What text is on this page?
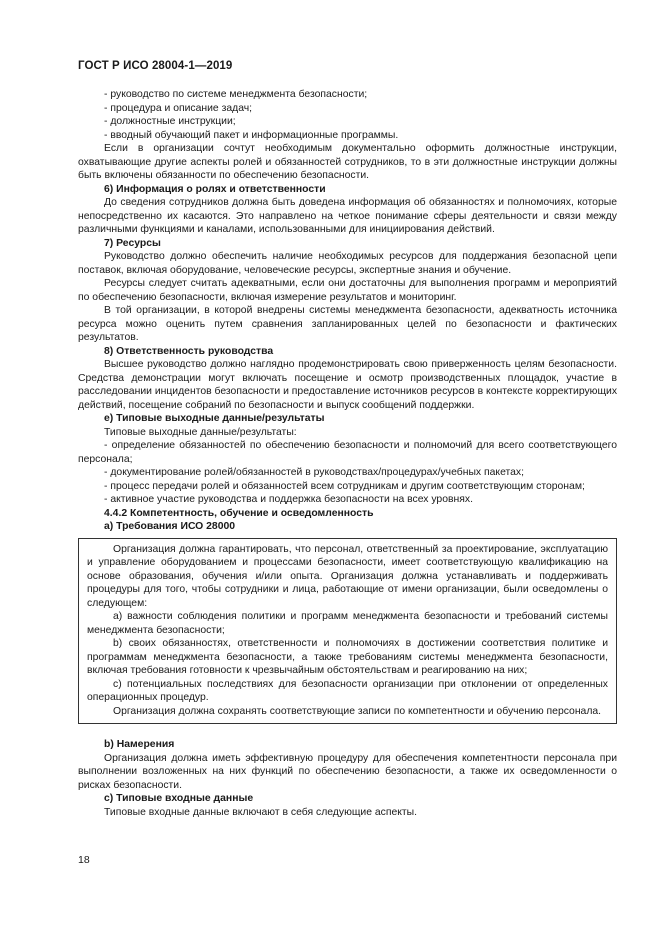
ГОСТ Р ИСО 28004-1—2019

- руководство по системе менеджмента безопасности;

- процедура и описание задач;

- должностные инструкции;

- вводный обучающий пакет и информационные программы.

Если в организации сочтут необходимым документально оформить должностные инструкции, охватывающие другие аспекты ролей и обязанностей сотрудников, то в эти должностные инструкции должны быть включены обязанности по обеспечению безопасности.

6) Информация о ролях и ответственности

До сведения сотрудников должна быть доведена информация об обязанностях и полномочиях, которые непосредственно их касаются. Это направлено на четкое понимание сферы деятельности и связи между различными функциями и каналами, использованными для инициирования действий.

7) Ресурсы

Руководство должно обеспечить наличие необходимых ресурсов для поддержания безопасной цепи поставок, включая оборудование, человеческие ресурсы, экспертные знания и обучение.

Ресурсы следует считать адекватными, если они достаточны для выполнения программ и мероприятий по обеспечению безопасности, включая измерение результатов и мониторинг.

В той организации, в которой внедрены системы менеджмента безопасности, адекватность источника ресурса можно оценить путем сравнения запланированных целей по безопасности и фактических результатов.

8) Ответственность руководства

Высшее руководство должно наглядно продемонстрировать свою приверженность целям безопасности. Средства демонстрации могут включать посещение и осмотр производственных площадок, участие в расследовании инцидентов безопасности и предоставление источников ресурсов в контексте корректирующих действий, посещение собраний по безопасности и выпуск сообщений поддержки.

e) Типовые выходные данные/результаты

Типовые выходные данные/результаты:

- определение обязанностей по обеспечению безопасности и полномочий для всего соответствующего персонала;

- документирование ролей/обязанностей в руководствах/процедурах/учебных пакетах;

- процесс передачи ролей и обязанностей всем сотрудникам и другим соответствующим сторонам;

- активное участие руководства и поддержка безопасности на всех уровнях.

4.4.2 Компетентность, обучение и осведомленность

а) Требования ИСО 28000

Организация должна гарантировать, что персонал, ответственный за проектирование, эксплуатацию и управление оборудованием и процессами безопасности, имеет соответствующую квалификацию на основе образования, обучения и/или опыта. Организация должна устанавливать и поддерживать процедуры для того, чтобы сотрудники и лица, работающие от имени организации, были осведомлены о следующем:

а) важности соблюдения политики и программ менеджмента безопасности и требований системы менеджмента безопасности;

b) своих обязанностях, ответственности и полномочиях в достижении соответствия политике и программам менеджмента безопасности, а также требованиям системы менеджмента безопасности, включая требования готовности к чрезвычайным обстоятельствам и реагированию на них;

с) потенциальных последствиях для безопасности организации при отклонении от определенных операционных процедур.

Организация должна сохранять соответствующие записи по компетентности и обучению персонала.

b) Намерения

Организация должна иметь эффективную процедуру для обеспечения компетентности персонала при выполнении возложенных на них функций по обеспечению безопасности, а также их осведомленности о рисках безопасности.

с) Типовые входные данные

Типовые входные данные включают в себя следующие аспекты.

18
